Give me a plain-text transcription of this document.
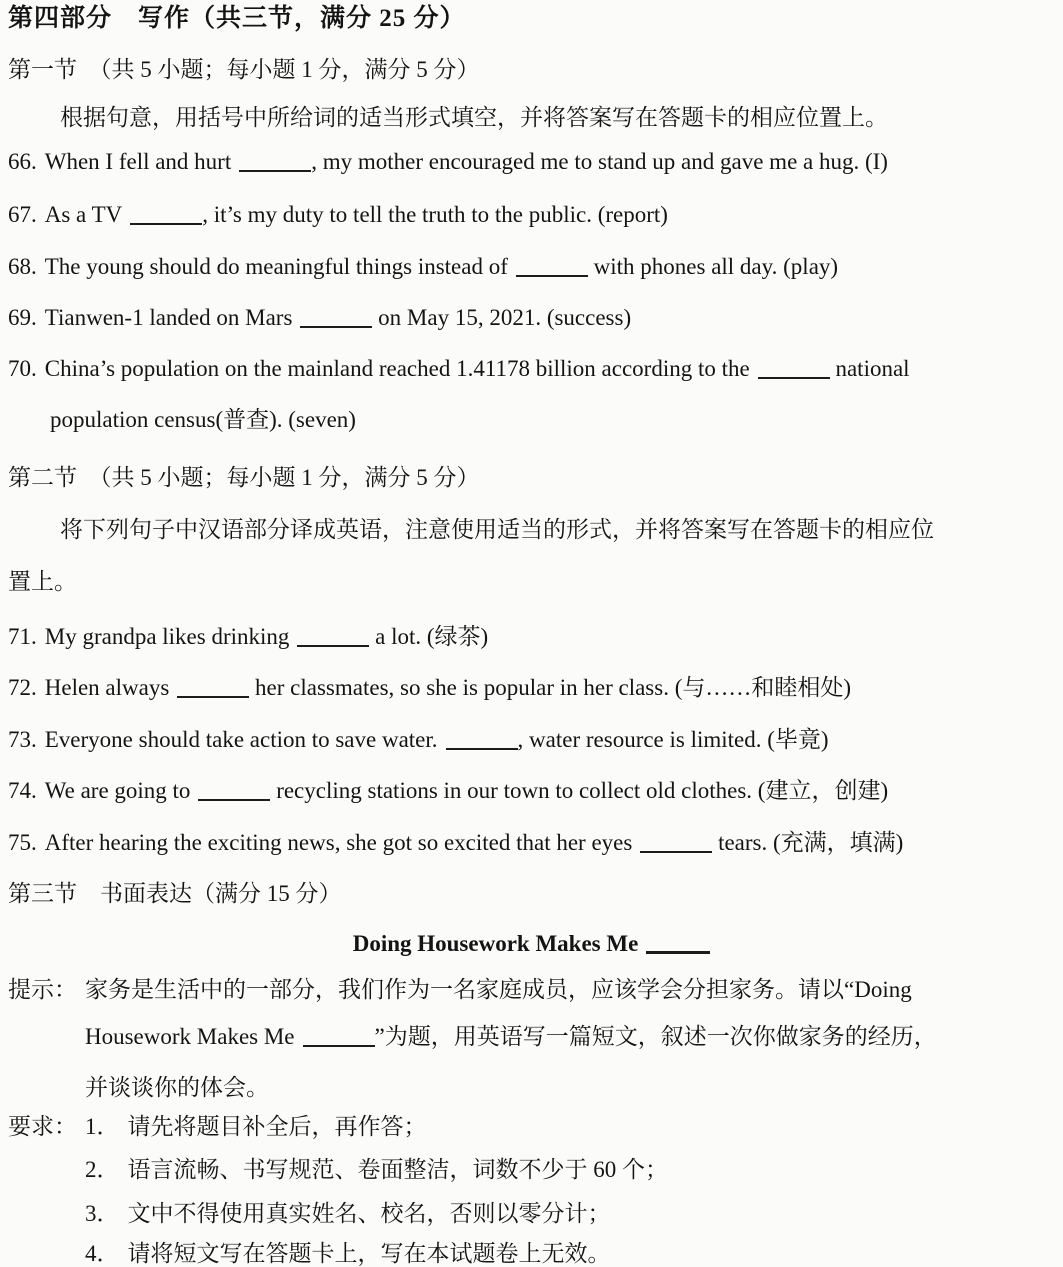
第四部分　写作（共三节，满分 25 分）
第一节　（共 5 小题；每小题 1 分，满分 5 分）
根据句意，用括号中所给词的适当形式填空，并将答案写在答题卡的相应位置上。
66. When I fell and hurt	, my mother encouraged me to stand up and gave me a hug. (I)
67. As a TV	, it’s my duty to tell the truth to the public. (report)
68. The young should do meaningful things instead of	with phones all day. (play)
69. Tianwen-1 landed on Mars	on May 15, 2021. (success)
70. China’s population on the mainland reached 1.41178 billion according to the	national
population census(普查). (seven)
第二节　（共 5 小题；每小题 1 分，满分 5 分）
将下列句子中汉语部分译成英语，注意使用适当的形式，并将答案写在答题卡的相应位
置上。
71. My grandpa likes drinking	a lot. (绿茶)
72. Helen always	her classmates, so she is popular in her class. (与……和睦相处)
73. Everyone should take action to save water.	, water resource is limited. (毕竟)
74. We are going to	recycling stations in our town to collect old clothes. (建立，创建)
75. After hearing the exciting news, she got so excited that her eyes	tears. (充满，填满)
第三节　书面表达（满分 15 分）
Doing Housework Makes Me
提示： 家务是生活中的一部分，我们作为一名家庭成员，应该学会分担家务。请以“Doing
Housework Makes Me	”为题，用英语写一篇短文，叙述一次你做家务的经历，
并谈谈你的体会。
要求： 1． 请先将题目补全后，再作答；
2． 语言流畅、书写规范、卷面整洁，词数不少于 60 个；
3． 文中不得使用真实姓名、校名，否则以零分计；
4． 请将短文写在答题卡上，写在本试题卷上无效。
